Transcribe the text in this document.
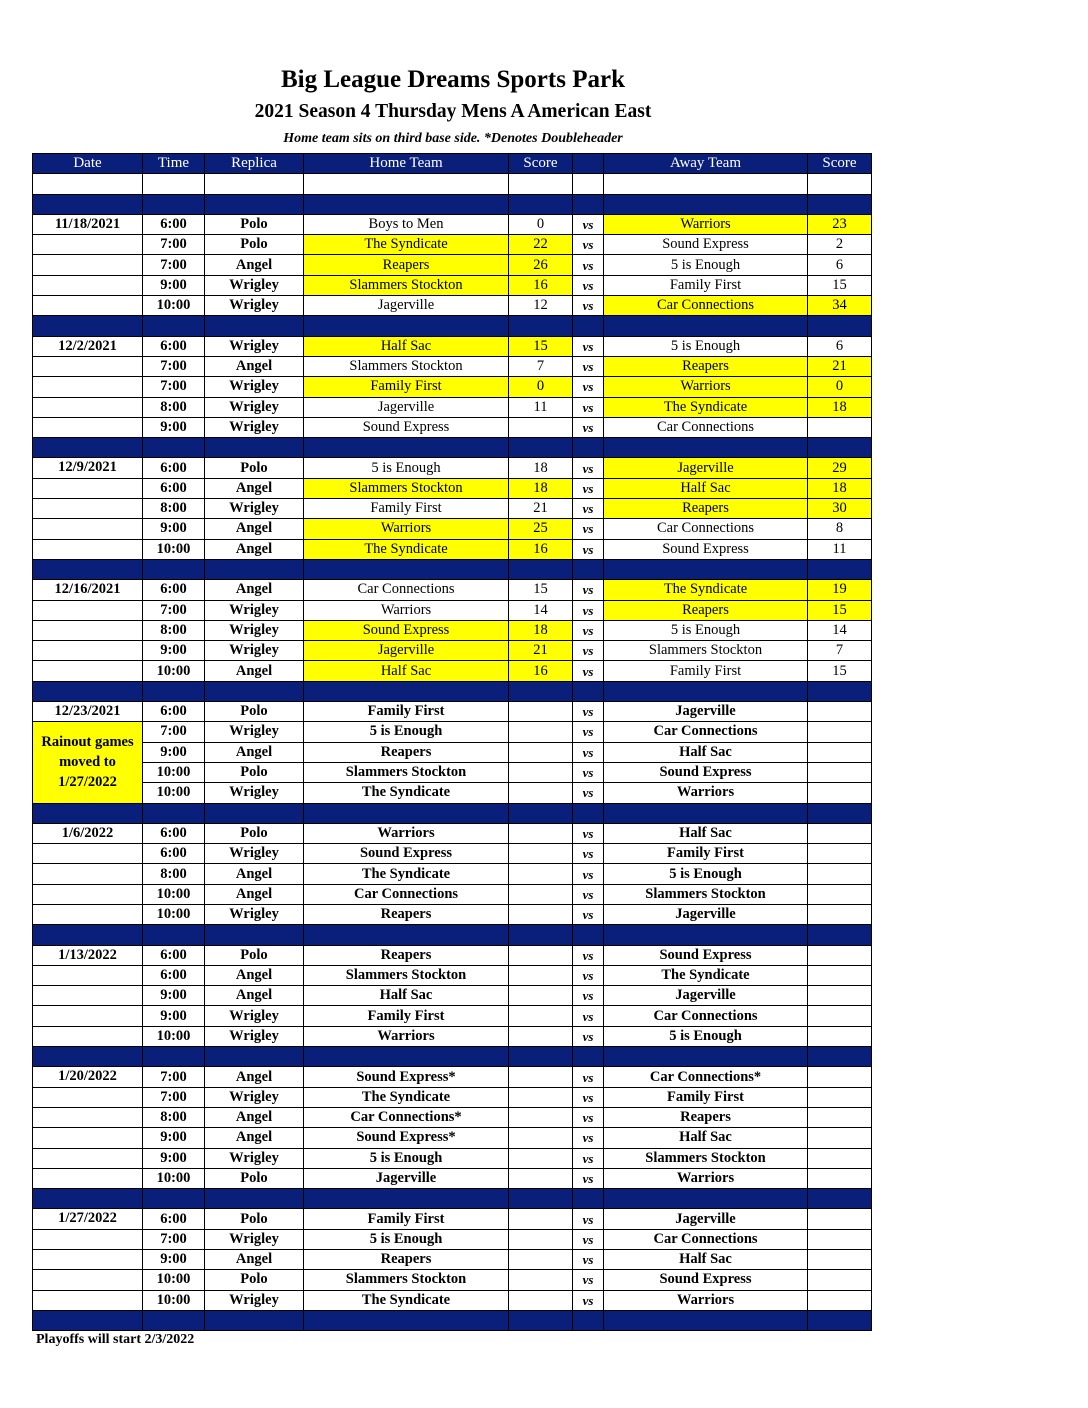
Big League Dreams Sports Park
2021 Season 4 Thursday Mens A American East
Home team sits on third base side. *Denotes Doubleheader
Date	Time	Replica	Home Team	Score		Away Team	Score

11/18/2021	6:00	Polo	Boys to Men	0	vs	Warriors	23
	7:00	Polo	The Syndicate	22	vs	Sound Express	2
	7:00	Angel	Reapers	26	vs	5 is Enough	6
	9:00	Wrigley	Slammers Stockton	16	vs	Family First	15
	10:00	Wrigley	Jagerville	12	vs	Car Connections	34

12/2/2021	6:00	Wrigley	Half Sac	15	vs	5 is Enough	6
	7:00	Angel	Slammers Stockton	7	vs	Reapers	21
	7:00	Wrigley	Family First	0	vs	Warriors	0
	8:00	Wrigley	Jagerville	11	vs	The Syndicate	18
	9:00	Wrigley	Sound Express		vs	Car Connections	

12/9/2021	6:00	Polo	5 is Enough	18	vs	Jagerville	29
	6:00	Angel	Slammers Stockton	18	vs	Half Sac	18
	8:00	Wrigley	Family First	21	vs	Reapers	30
	9:00	Angel	Warriors	25	vs	Car Connections	8
	10:00	Angel	The Syndicate	16	vs	Sound Express	11

12/16/2021	6:00	Angel	Car Connections	15	vs	The Syndicate	19
	7:00	Wrigley	Warriors	14	vs	Reapers	15
	8:00	Wrigley	Sound Express	18	vs	5 is Enough	14
	9:00	Wrigley	Jagerville	21	vs	Slammers Stockton	7
	10:00	Angel	Half Sac	16	vs	Family First	15

12/23/2021	6:00	Polo	Family First		vs	Jagerville	
Rainout games moved to 1/27/2022	7:00	Wrigley	5 is Enough		vs	Car Connections	
	9:00	Angel	Reapers		vs	Half Sac	
	10:00	Polo	Slammers Stockton		vs	Sound Express	
	10:00	Wrigley	The Syndicate		vs	Warriors	

1/6/2022	6:00	Polo	Warriors		vs	Half Sac	
	6:00	Wrigley	Sound Express		vs	Family First	
	8:00	Angel	The Syndicate		vs	5 is Enough	
	10:00	Angel	Car Connections		vs	Slammers Stockton	
	10:00	Wrigley	Reapers		vs	Jagerville	

1/13/2022	6:00	Polo	Reapers		vs	Sound Express	
	6:00	Angel	Slammers Stockton		vs	The Syndicate	
	9:00	Angel	Half Sac		vs	Jagerville	
	9:00	Wrigley	Family First		vs	Car Connections	
	10:00	Wrigley	Warriors		vs	5 is Enough	

1/20/2022	7:00	Angel	Sound Express*		vs	Car Connections*	
	7:00	Wrigley	The Syndicate		vs	Family First	
	8:00	Angel	Car Connections*		vs	Reapers	
	9:00	Angel	Sound Express*		vs	Half Sac	
	9:00	Wrigley	5 is Enough		vs	Slammers Stockton	
	10:00	Polo	Jagerville		vs	Warriors	

1/27/2022	6:00	Polo	Family First		vs	Jagerville	
	7:00	Wrigley	5 is Enough		vs	Car Connections	
	9:00	Angel	Reapers		vs	Half Sac	
	10:00	Polo	Slammers Stockton		vs	Sound Express	
	10:00	Wrigley	The Syndicate		vs	Warriors	

Playoffs will start 2/3/2022
